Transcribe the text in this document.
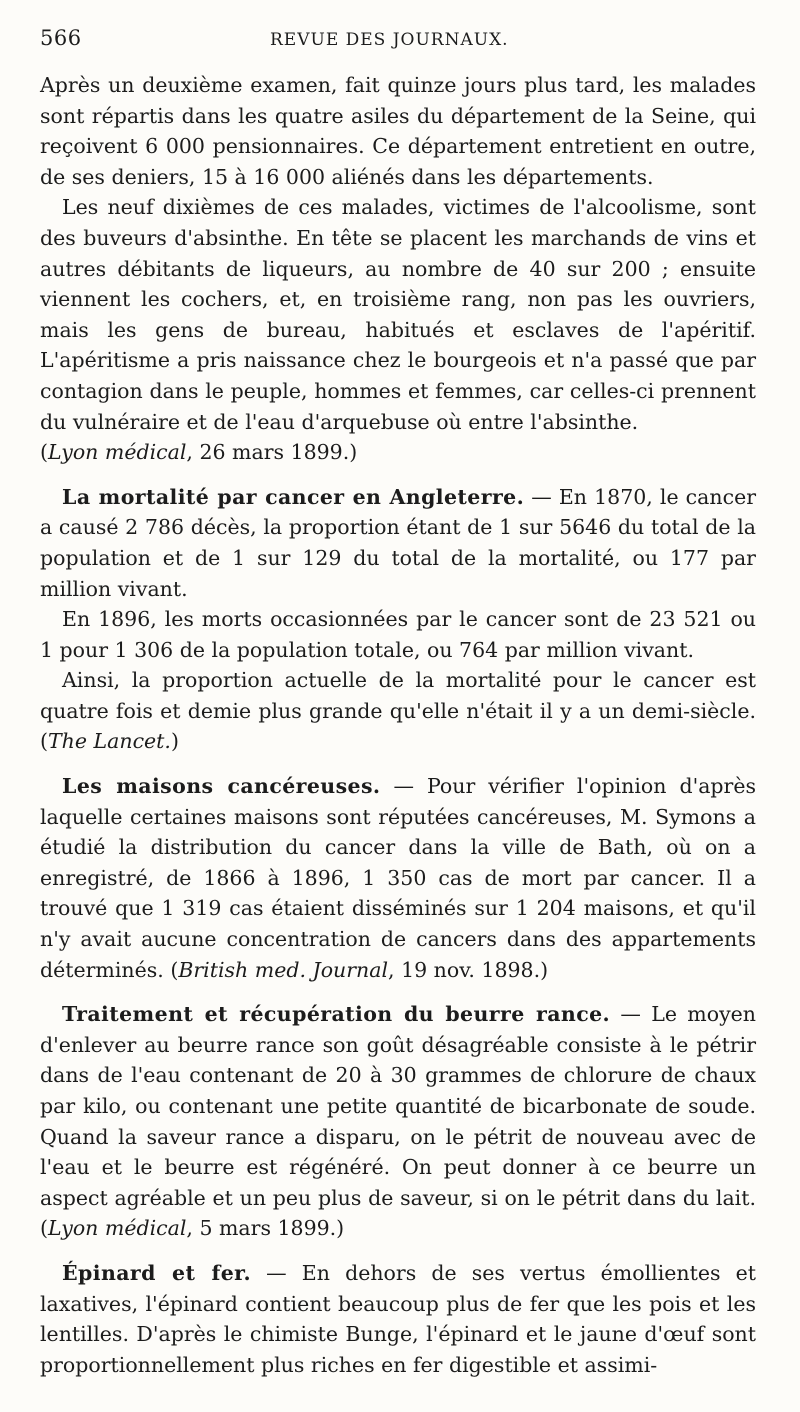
566	REVUE DES JOURNAUX.

Après un deuxième examen, fait quinze jours plus tard, les malades sont répartis dans les quatre asiles du département de la Seine, qui reçoivent 6 000 pensionnaires. Ce département entretient en outre, de ses deniers, 15 à 16 000 aliénés dans les départements.

Les neuf dixièmes de ces malades, victimes de l'alcoolisme, sont des buveurs d'absinthe. En tête se placent les marchands de vins et autres débitants de liqueurs, au nombre de 40 sur 200 ; ensuite viennent les cochers, et, en troisième rang, non pas les ouvriers, mais les gens de bureau, habitués et esclaves de l'apéritif. L'apéritisme a pris naissance chez le bourgeois et n'a passé que par contagion dans le peuple, hommes et femmes, car celles-ci prennent du vulnéraire et de l'eau d'arquebuse où entre l'absinthe.
(Lyon médical, 26 mars 1899.)

La mortalité par cancer en Angleterre. — En 1870, le cancer a causé 2 786 décès, la proportion étant de 1 sur 5646 du total de la population et de 1 sur 129 du total de la mortalité, ou 177 par million vivant.

En 1896, les morts occasionnées par le cancer sont de 23 521 ou 1 pour 1 306 de la population totale, ou 764 par million vivant.

Ainsi, la proportion actuelle de la mortalité pour le cancer est quatre fois et demie plus grande qu'elle n'était il y a un demi-siècle. (The Lancet.)

Les maisons cancéreuses. — Pour vérifier l'opinion d'après laquelle certaines maisons sont réputées cancéreuses, M. Symons a étudié la distribution du cancer dans la ville de Bath, où on a enregistré, de 1866 à 1896, 1 350 cas de mort par cancer. Il a trouvé que 1 319 cas étaient disséminés sur 1 204 maisons, et qu'il n'y avait aucune concentration de cancers dans des appartements déterminés. (British med. Journal, 19 nov. 1898.)

Traitement et récupération du beurre rance. — Le moyen d'enlever au beurre rance son goût désagréable consiste à le pétrir dans de l'eau contenant de 20 à 30 grammes de chlorure de chaux par kilo, ou contenant une petite quantité de bicarbonate de soude. Quand la saveur rance a disparu, on le pétrit de nouveau avec de l'eau et le beurre est régénéré. On peut donner à ce beurre un aspect agréable et un peu plus de saveur, si on le pétrit dans du lait. (Lyon médical, 5 mars 1899.)

Épinard et fer. — En dehors de ses vertus émollientes et laxatives, l'épinard contient beaucoup plus de fer que les pois et les lentilles. D'après le chimiste Bunge, l'épinard et le jaune d'œuf sont proportionnellement plus riches en fer digestible et assimi-
